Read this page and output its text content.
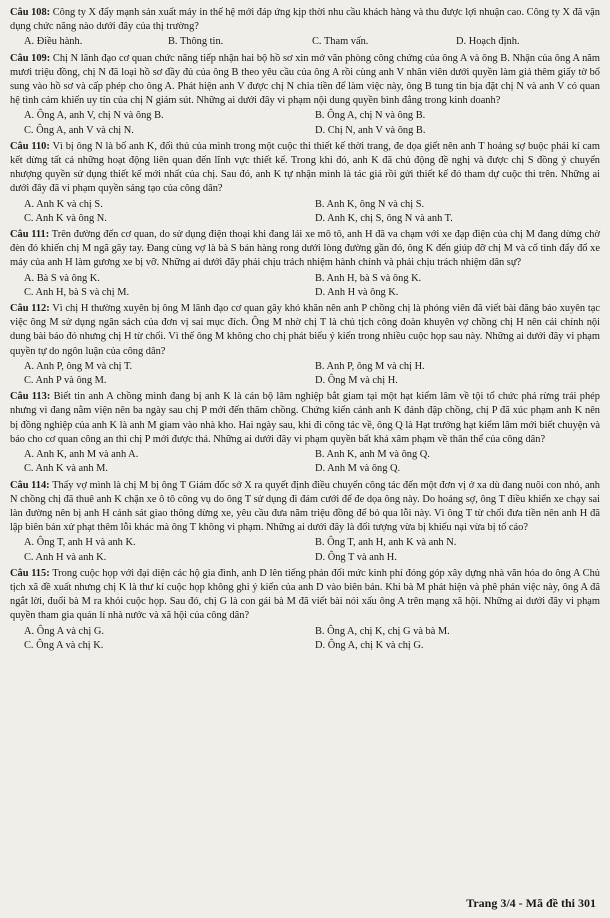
Câu 108: Công ty X đẩy mạnh sản xuất máy in thế hệ mới đáp ứng kịp thời nhu cầu khách hàng và thu được lợi nhuận cao. Công ty X đã vận dụng chức năng nào dưới đây của thị trường?
A. Điều hành.	B. Thông tin.	C. Tham vấn.	D. Hoạch định.
Câu 109: Chị N lãnh đạo cơ quan chức năng tiếp nhận hai bộ hồ sơ xin mở văn phòng công chứng của ông A và ông B. Nhận của ông A năm mươi triệu đồng, chị N đã loại hồ sơ đầy đủ của ông B theo yêu cầu của ông A rồi cùng anh V nhân viên dưới quyền làm giả thêm giấy tờ bổ sung vào hồ sơ và cấp phép cho ông A. Phát hiện anh V được chị N chia tiền để làm việc này, ông B tung tin bịa đặt chị N và anh V có quan hệ tình cảm khiến uy tín của chị N giảm sút. Những ai dưới đây vi phạm nội dung quyền bình đẳng trong kinh doanh?
A. Ông A, anh V, chị N và ông B.	B. Ông A, chị N và ông B.
C. Ông A, anh V và chị N.	D. Chị N, anh V và ông B.
Câu 110: Vì bị ông N là bố anh K, đối thủ của mình trong một cuộc thi thiết kế thời trang, đe dọa giết nên anh T hoảng sợ buộc phải kí cam kết dừng tất cả những hoạt động liên quan đến lĩnh vực thiết kế. Trong khi đó, anh K đã chủ động đề nghị và được chị S đồng ý chuyển nhượng quyền sử dụng thiết kế mới nhất của chị. Sau đó, anh K tự nhận mình là tác giả rồi gửi thiết kế đó tham dự cuộc thi trên. Những ai dưới đây đã vi phạm quyền sáng tạo của công dân?
A. Anh K và chị S.	B. Anh K, ông N và chị S.
C. Anh K và ông N.	D. Anh K, chị S, ông N và anh T.
Câu 111: Trên đường đến cơ quan, do sử dụng điện thoại khi đang lái xe mô tô, anh H đã va chạm với xe đạp điện của chị M đang dừng chờ đèn đỏ khiến chị M ngã gãy tay. Đang cùng vợ là bà S bán hàng rong dưới lòng đường gần đó, ông K đến giúp đỡ chị M và cố tình đẩy đổ xe máy của anh H làm gương xe bị vỡ. Những ai dưới đây phải chịu trách nhiệm hành chính và phải chịu trách nhiệm dân sự?
A. Bà S và ông K.	B. Anh H, bà S và ông K.
C. Anh H, bà S và chị M.	D. Anh H và ông K.
Câu 112: Vì chị H thường xuyên bị ông M lãnh đạo cơ quan gây khó khăn nên anh P chồng chị là phóng viên đã viết bài đăng báo xuyên tạc việc ông M sử dụng ngân sách của đơn vị sai mục đích. Ông M nhờ chị T là chủ tịch công đoàn khuyên vợ chồng chị H nên cải chính nội dung bài báo đó nhưng chị H từ chối. Vì thế ông M không cho chị phát biểu ý kiến trong nhiều cuộc họp sau này. Những ai dưới đây vi phạm quyền tự do ngôn luận của công dân?
A. Anh P, ông M và chị T.	B. Anh P, ông M và chị H.
C. Anh P và ông M.	D. Ông M và chị H.
Câu 113: Biết tin anh A chồng mình đang bị anh K là cán bộ lâm nghiệp bắt giam tại một hạt kiểm lâm về tội tổ chức phá rừng trái phép nhưng vì đang nằm viện nên ba ngày sau chị P mới đến thăm chồng. Chứng kiến cảnh anh K đánh đập chồng, chị P đã xúc phạm anh K nên bị đồng nghiệp của anh K là anh M giam vào nhà kho. Hai ngày sau, khi đi công tác về, ông Q là Hạt trưởng hạt kiểm lâm mới biết chuyện và báo cho cơ quan công an thì chị P mới được thả. Những ai dưới đây vi phạm quyền bất khả xâm phạm về thân thể của công dân?
A. Anh K, anh M và anh A.	B. Anh K, anh M và ông Q.
C. Anh K và anh M.	D. Anh M và ông Q.
Câu 114: Thấy vợ mình là chị M bị ông T Giám đốc sở X ra quyết định điều chuyển công tác đến một đơn vị ở xa dù đang nuôi con nhỏ, anh N chồng chị đã thuê anh K chặn xe ô tô công vụ do ông T sử dụng đi đám cưới để đe dọa ông này. Do hoảng sợ, ông T điều khiển xe chạy sai làn đường nên bị anh H cảnh sát giao thông dừng xe, yêu cầu đưa năm triệu đồng để bỏ qua lỗi này. Vì ông T từ chối đưa tiền nên anh H đã lập biên bản xử phạt thêm lỗi khác mà ông T không vi phạm. Những ai dưới đây là đối tượng vừa bị khiếu nại vừa bị tố cáo?
A. Ông T, anh H và anh K.	B. Ông T, anh H, anh K và anh N.
C. Anh H và anh K.	D. Ông T và anh H.
Câu 115: Trong cuộc họp với đại diện các hộ gia đình, anh D lên tiếng phản đối mức kinh phí đóng góp xây dựng nhà văn hóa do ông A Chủ tịch xã đề xuất nhưng chị K là thư kí cuộc họp không ghi ý kiến của anh D vào biên bản. Khi bà M phát hiện và phê phán việc này, ông A đã ngắt lời, đuổi bà M ra khỏi cuộc họp. Sau đó, chị G là con gái bà M đã viết bài nói xấu ông A trên mạng xã hội. Những ai dưới đây vi phạm quyền tham gia quản lí nhà nước và xã hội của công dân?
A. Ông A và chị G.	B. Ông A, chị K, chị G và bà M.
C. Ông A và chị K.	D. Ông A, chị K và chị G.
Trang 3/4 - Mã đề thi 301
